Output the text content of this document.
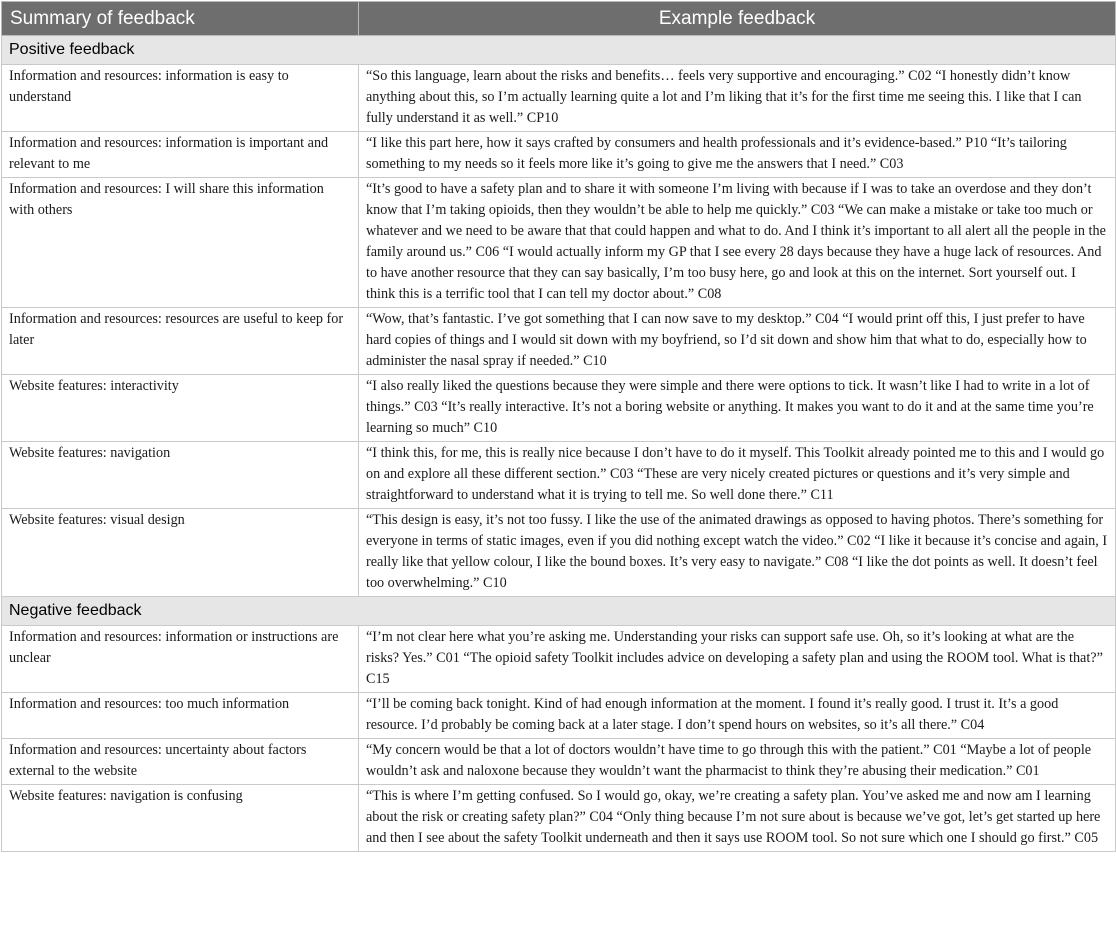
Summary of feedback	Example feedback
Positive feedback	
Information and resources: information is easy to understand	“So this language, learn about the risks and benefits… feels very supportive and encouraging.” C02 “I honestly didn’t know anything about this, so I’m actually learning quite a lot and I’m liking that it’s for the first time me seeing this. I like that I can fully understand it as well.” CP10
Information and resources: information is important and relevant to me	“I like this part here, how it says crafted by consumers and health professionals and it’s evidence-based.” P10 “It’s tailoring something to my needs so it feels more like it’s going to give me the answers that I need.” C03
Information and resources: I will share this information with others	“It’s good to have a safety plan and to share it with someone I’m living with because if I was to take an overdose and they don’t know that I’m taking opioids, then they wouldn’t be able to help me quickly.” C03 “We can make a mistake or take too much or whatever and we need to be aware that that could happen and what to do. And I think it’s important to all alert all the people in the family around us.” C06 “I would actually inform my GP that I see every 28 days because they have a huge lack of resources. And to have another resource that they can say basically, I’m too busy here, go and look at this on the internet. Sort yourself out. I think this is a terrific tool that I can tell my doctor about.” C08
Information and resources: resources are useful to keep for later	“Wow, that’s fantastic. I’ve got something that I can now save to my desktop.” C04 “I would print off this, I just prefer to have hard copies of things and I would sit down with my boyfriend, so I’d sit down and show him that what to do, especially how to administer the nasal spray if needed.” C10
Website features: interactivity	“I also really liked the questions because they were simple and there were options to tick. It wasn’t like I had to write in a lot of things.” C03 “It’s really interactive. It’s not a boring website or anything. It makes you want to do it and at the same time you’re learning so much” C10
Website features: navigation	“I think this, for me, this is really nice because I don’t have to do it myself. This Toolkit already pointed me to this and I would go on and explore all these different section.” C03 “These are very nicely created pictures or questions and it’s very simple and straightforward to understand what it is trying to tell me. So well done there.” C11
Website features: visual design	“This design is easy, it’s not too fussy. I like the use of the animated drawings as opposed to having photos. There’s something for everyone in terms of static images, even if you did nothing except watch the video.” C02 “I like it because it’s concise and again, I really like that yellow colour, I like the bound boxes. It’s very easy to navigate.” C08 “I like the dot points as well. It doesn’t feel too overwhelming.” C10
Negative feedback	
Information and resources: information or instructions are unclear	“I’m not clear here what you’re asking me. Understanding your risks can support safe use. Oh, so it’s looking at what are the risks? Yes.” C01 “The opioid safety Toolkit includes advice on developing a safety plan and using the ROOM tool. What is that?” C15
Information and resources: too much information	“I’ll be coming back tonight. Kind of had enough information at the moment. I found it’s really good. I trust it. It’s a good resource. I’d probably be coming back at a later stage. I don’t spend hours on websites, so it’s all there.” C04
Information and resources: uncertainty about factors external to the website	“My concern would be that a lot of doctors wouldn’t have time to go through this with the patient.” C01 “Maybe a lot of people wouldn’t ask and naloxone because they wouldn’t want the pharmacist to think they’re abusing their medication.” C01
Website features: navigation is confusing	“This is where I’m getting confused. So I would go, okay, we’re creating a safety plan. You’ve asked me and now am I learning about the risk or creating safety plan?” C04 “Only thing because I’m not sure about is because we’ve got, let’s get started up here and then I see about the safety Toolkit underneath and then it says use ROOM tool. So not sure which one I should go first.” C05
